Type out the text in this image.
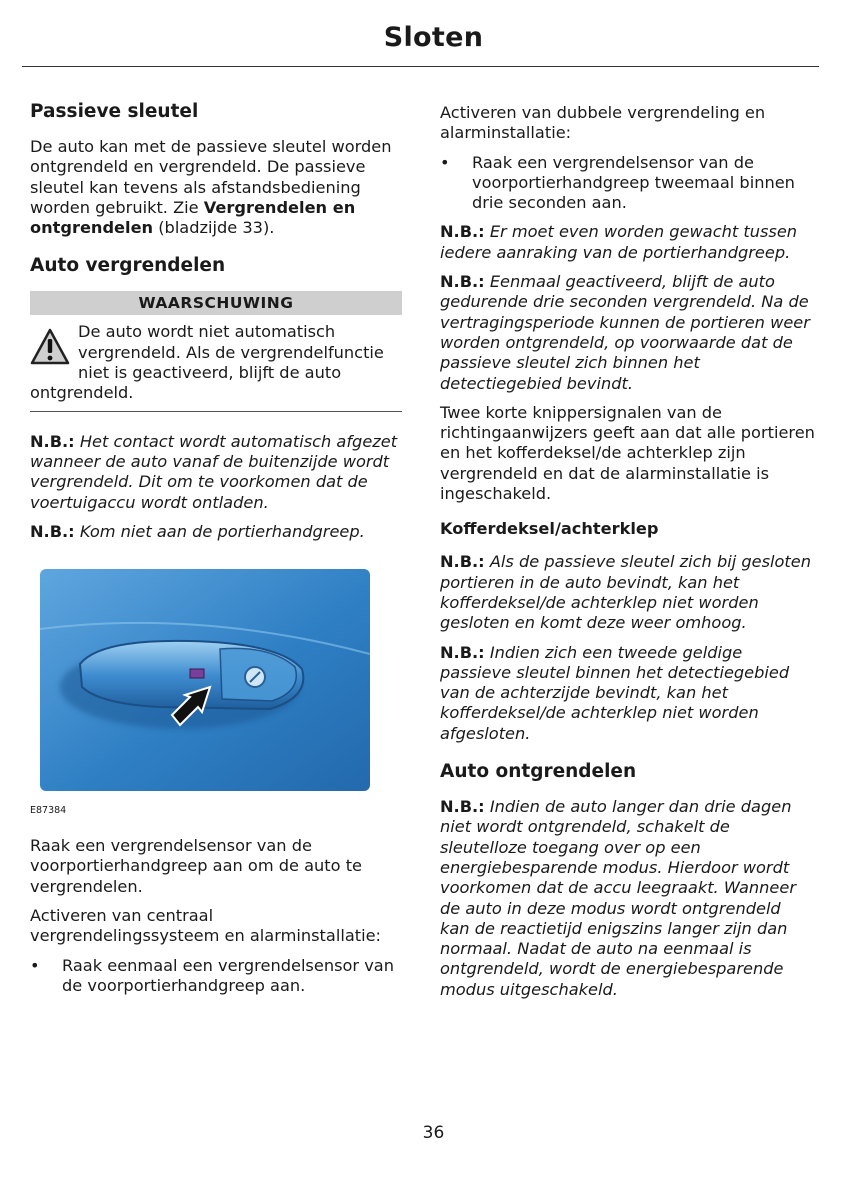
Sloten
Passieve sleutel

De auto kan met de passieve sleutel worden ontgrendeld en vergrendeld. De passieve sleutel kan tevens als afstandsbediening worden gebruikt. Zie Vergrendelen en ontgrendelen (bladzijde 33).

Auto vergrendelen
WAARSCHUWING

De auto wordt niet automatisch vergrendeld. Als de vergrendelfunctie niet is geactiveerd, blijft de auto ontgrendeld.

N.B.: Het contact wordt automatisch afgezet wanneer de auto vanaf de buitenzijde wordt vergrendeld. Dit om te voorkomen dat de voertuigaccu wordt ontladen.

N.B.: Kom niet aan de portierhandgreep.

E87384

Raak een vergrendelsensor van de voorportierhandgreep aan om de auto te vergrendelen.

Activeren van centraal vergrendelingssysteem en alarminstallatie:

• Raak eenmaal een vergrendelsensor van de voorportierhandgreep aan.

Activeren van dubbele vergrendeling en alarminstallatie:

• Raak een vergrendelsensor van de voorportierhandgreep tweemaal binnen drie seconden aan.

N.B.: Er moet even worden gewacht tussen iedere aanraking van de portierhandgreep.

N.B.: Eenmaal geactiveerd, blijft de auto gedurende drie seconden vergrendeld. Na de vertragingsperiode kunnen de portieren weer worden ontgrendeld, op voorwaarde dat de passieve sleutel zich binnen het detectiegebied bevindt.

Twee korte knippersignalen van de richtingaanwijzers geeft aan dat alle portieren en het kofferdeksel/de achterklep zijn vergrendeld en dat de alarminstallatie is ingeschakeld.

Kofferdeksel/achterklep

N.B.: Als de passieve sleutel zich bij gesloten portieren in de auto bevindt, kan het kofferdeksel/de achterklep niet worden gesloten en komt deze weer omhoog.

N.B.: Indien zich een tweede geldige passieve sleutel binnen het detectiegebied van de achterzijde bevindt, kan het kofferdeksel/de achterklep niet worden afgesloten.

Auto ontgrendelen

N.B.: Indien de auto langer dan drie dagen niet wordt ontgrendeld, schakelt de sleutelloze toegang over op een energiebesparende modus. Hierdoor wordt voorkomen dat de accu leegraakt. Wanneer de auto in deze modus wordt ontgrendeld kan de reactietijd enigszins langer zijn dan normaal. Nadat de auto na eenmaal is ontgrendeld, wordt de energiebesparende modus uitgeschakeld.

36
